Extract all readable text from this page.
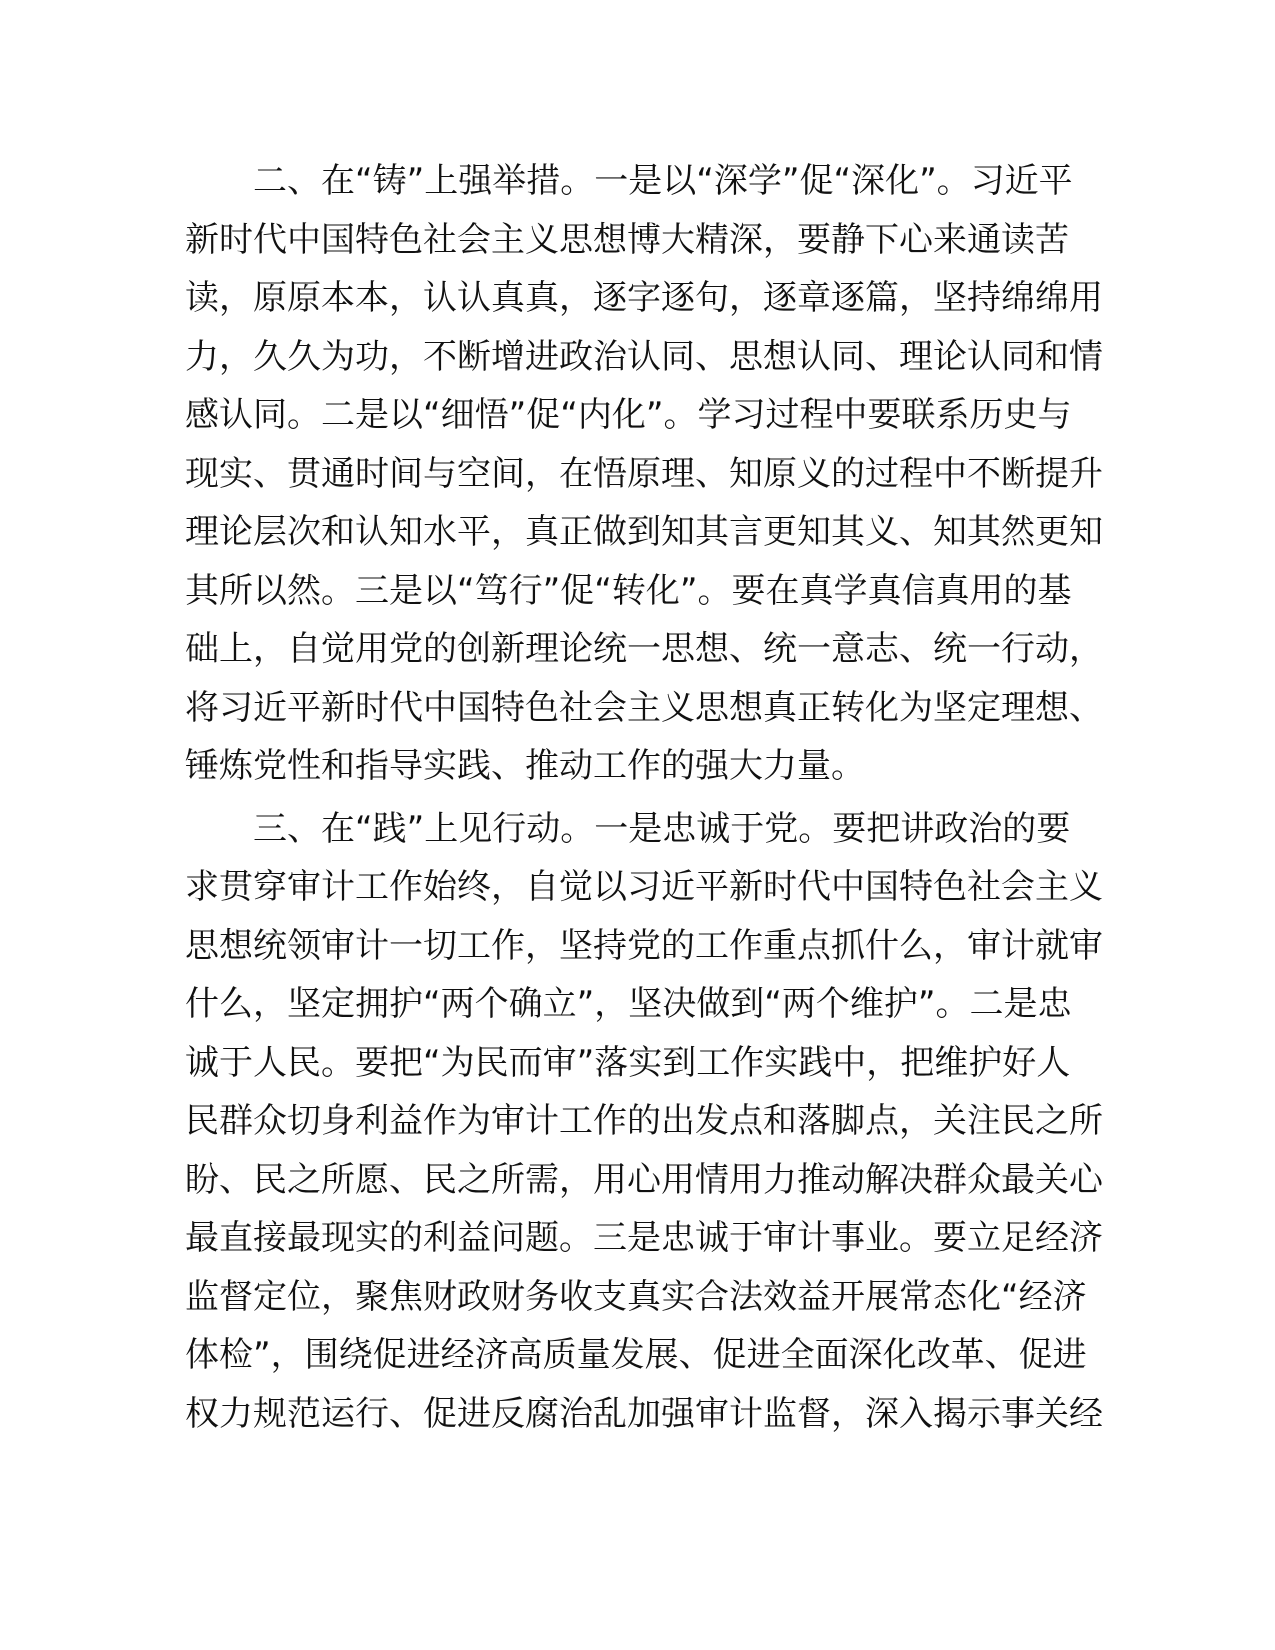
　　二、在“铸”上强举措。一是以“深学”促“深化”。习近平
新时代中国特色社会主义思想博大精深，要静下心来通读苦
读，原原本本，认认真真，逐字逐句，逐章逐篇，坚持绵绵用
力，久久为功，不断增进政治认同、思想认同、理论认同和情
感认同。二是以“细悟”促“内化”。学习过程中要联系历史与
现实、贯通时间与空间，在悟原理、知原义的过程中不断提升
理论层次和认知水平，真正做到知其言更知其义、知其然更知
其所以然。三是以“笃行”促“转化”。要在真学真信真用的基
础上，自觉用党的创新理论统一思想、统一意志、统一行动，
将习近平新时代中国特色社会主义思想真正转化为坚定理想、
锤炼党性和指导实践、推动工作的强大力量。

　　三、在“践”上见行动。一是忠诚于党。要把讲政治的要
求贯穿审计工作始终，自觉以习近平新时代中国特色社会主义
思想统领审计一切工作，坚持党的工作重点抓什么，审计就审
什么，坚定拥护“两个确立”，坚决做到“两个维护”。二是忠
诚于人民。要把“为民而审”落实到工作实践中，把维护好人
民群众切身利益作为审计工作的出发点和落脚点，关注民之所
盼、民之所愿、民之所需，用心用情用力推动解决群众最关心
最直接最现实的利益问题。三是忠诚于审计事业。要立足经济
监督定位，聚焦财政财务收支真实合法效益开展常态化“经济
体检”，围绕促进经济高质量发展、促进全面深化改革、促进
权力规范运行、促进反腐治乱加强审计监督，深入揭示事关经
